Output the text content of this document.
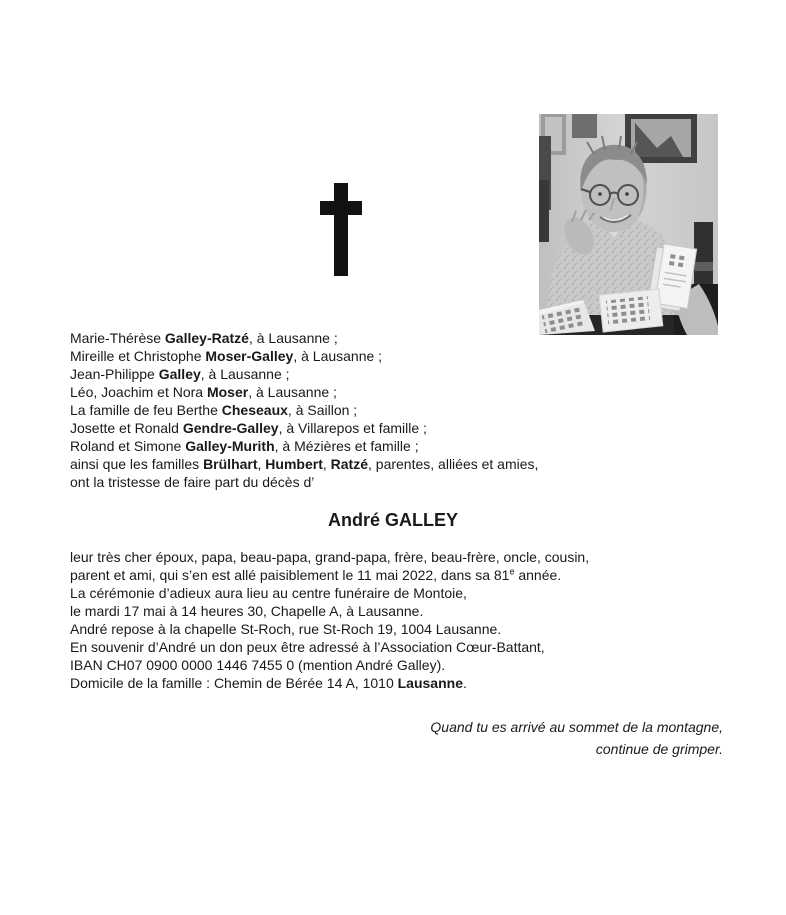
Marie-Thérèse Galley-Ratzé, à Lausanne ;
Mireille et Christophe Moser-Galley, à Lausanne ;
Jean-Philippe Galley, à Lausanne ;
Léo, Joachim et Nora Moser, à Lausanne ;
La famille de feu Berthe Cheseaux, à Saillon ;
Josette et Ronald Gendre-Galley, à Villarepos et famille ;
Roland et Simone Galley-Murith, à Mézières et famille ;
ainsi que les familles Brülhart, Humbert, Ratzé, parentes, alliées et amies,
ont la tristesse de faire part du décès d’
André GALLEY
leur très cher époux, papa, beau-papa, grand-papa, frère, beau-frère, oncle, cousin,
parent et ami, qui s’en est allé paisiblement le 11 mai 2022, dans sa 81e année.
La cérémonie d’adieux aura lieu au centre funéraire de Montoie,
le mardi 17 mai à 14 heures 30, Chapelle A, à Lausanne.
André repose à la chapelle St-Roch, rue St-Roch 19, 1004 Lausanne.
En souvenir d’André un don peux être adressé à l’Association Cœur-Battant,
IBAN CH07 0900 0000 1446 7455 0 (mention André Galley).
Domicile de la famille : Chemin de Bérée 14 A, 1010 Lausanne.
Quand tu es arrivé au sommet de la montagne,
continue de grimper.
